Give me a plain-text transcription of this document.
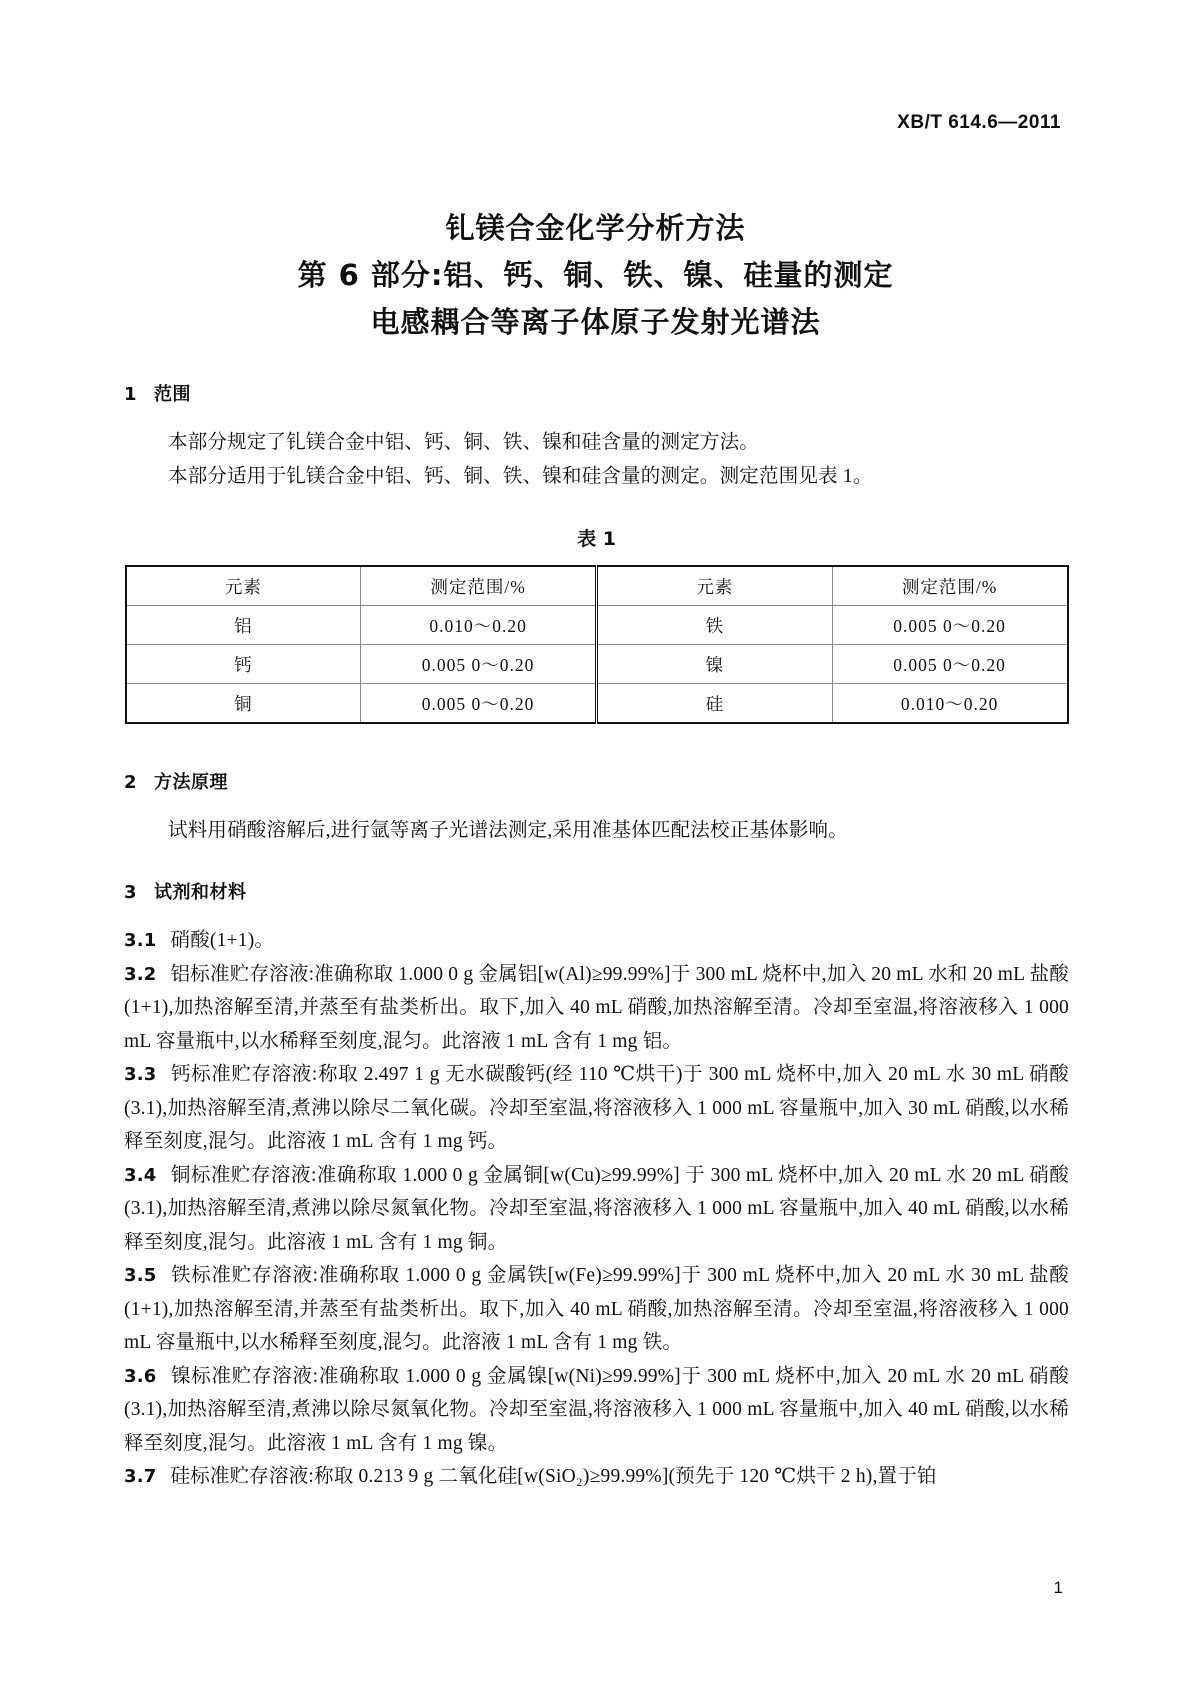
XB/T 614.6—2011
钆镁合金化学分析方法
第 6 部分:铝、钙、铜、铁、镍、硅量的测定
电感耦合等离子体原子发射光谱法
1 范围

本部分规定了钆镁合金中铝、钙、铜、铁、镍和硅含量的测定方法。

本部分适用于钆镁合金中铝、钙、铜、铁、镍和硅含量的测定。测定范围见表 1。

表 1
元素	测定范围/%	元素	测定范围/%
铝	0.010～0.20	铁	0.005 0～0.20
钙	0.005 0～0.20	镍	0.005 0～0.20
铜	0.005 0～0.20	硅	0.010～0.20
2 方法原理

试料用硝酸溶解后,进行氩等离子光谱法测定,采用准基体匹配法校正基体影响。

3 试剂和材料

3.1 硝酸(1+1)。

3.2 铝标准贮存溶液:准确称取 1.000 0 g 金属铝[w(Al)≥99.99%]于 300 mL 烧杯中,加入 20 mL 水和 20 mL 盐酸(1+1),加热溶解至清,并蒸至有盐类析出。取下,加入 40 mL 硝酸,加热溶解至清。冷却至室温,将溶液移入 1 000 mL 容量瓶中,以水稀释至刻度,混匀。此溶液 1 mL 含有 1 mg 铝。

3.3 钙标准贮存溶液:称取 2.497 1 g 无水碳酸钙(经 110 ℃烘干)于 300 mL 烧杯中,加入 20 mL 水 30 mL 硝酸(3.1),加热溶解至清,煮沸以除尽二氧化碳。冷却至室温,将溶液移入 1 000 mL 容量瓶中,加入 30 mL 硝酸,以水稀释至刻度,混匀。此溶液 1 mL 含有 1 mg 钙。

3.4 铜标准贮存溶液:准确称取 1.000 0 g 金属铜[w(Cu)≥99.99%] 于 300 mL 烧杯中,加入 20 mL 水 20 mL 硝酸(3.1),加热溶解至清,煮沸以除尽氮氧化物。冷却至室温,将溶液移入 1 000 mL 容量瓶中,加入 40 mL 硝酸,以水稀释至刻度,混匀。此溶液 1 mL 含有 1 mg 铜。

3.5 铁标准贮存溶液:准确称取 1.000 0 g 金属铁[w(Fe)≥99.99%]于 300 mL 烧杯中,加入 20 mL 水 30 mL 盐酸(1+1),加热溶解至清,并蒸至有盐类析出。取下,加入 40 mL 硝酸,加热溶解至清。冷却至室温,将溶液移入 1 000 mL 容量瓶中,以水稀释至刻度,混匀。此溶液 1 mL 含有 1 mg 铁。

3.6 镍标准贮存溶液:准确称取 1.000 0 g 金属镍[w(Ni)≥99.99%]于 300 mL 烧杯中,加入 20 mL 水 20 mL 硝酸(3.1),加热溶解至清,煮沸以除尽氮氧化物。冷却至室温,将溶液移入 1 000 mL 容量瓶中,加入 40 mL 硝酸,以水稀释至刻度,混匀。此溶液 1 mL 含有 1 mg 镍。

3.7 硅标准贮存溶液:称取 0.213 9 g 二氧化硅[w(SiO₂)≥99.99%](预先于 120 ℃烘干 2 h),置于铂

1
